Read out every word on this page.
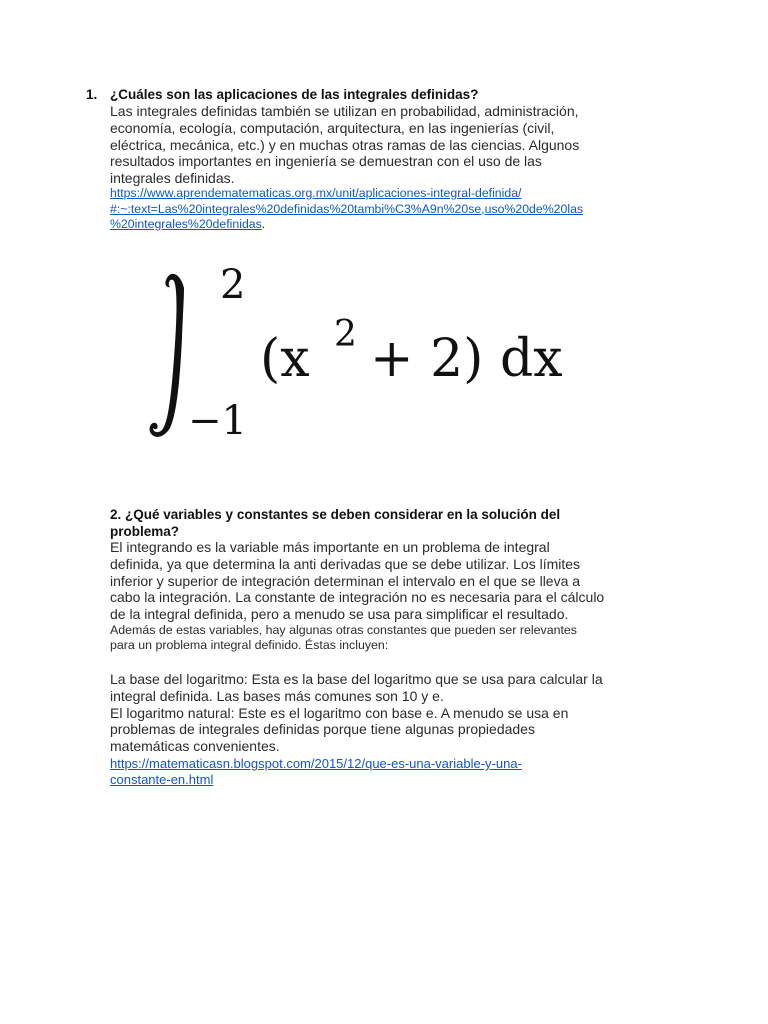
1. ¿Cuáles son las aplicaciones de las integrales definidas?
Las integrales definidas también se utilizan en probabilidad, administración,
economía, ecología, computación, arquitectura, en las ingenierías (civil,
eléctrica, mecánica, etc.) y en muchas otras ramas de las ciencias. Algunos
resultados importantes en ingeniería se demuestran con el uso de las
integrales definidas.
https://www.aprendematematicas.org.mx/unit/aplicaciones-integral-definida/
#:~:text=Las%20integrales%20definidas%20tambi%C3%A9n%20se,uso%20de%20las
%20integrales%20definidas.
2
−1
(x 2 + 2) dx
2. ¿Qué variables y constantes se deben considerar en la solución del
problema?
El integrando es la variable más importante en un problema de integral
definida, ya que determina la anti derivadas que se debe utilizar. Los límites
inferior y superior de integración determinan el intervalo en el que se lleva a
cabo la integración. La constante de integración no es necesaria para el cálculo
de la integral definida, pero a menudo se usa para simplificar el resultado.
Además de estas variables, hay algunas otras constantes que pueden ser relevantes
para un problema integral definido. Éstas incluyen:
La base del logaritmo: Esta es la base del logaritmo que se usa para calcular la
integral definida. Las bases más comunes son 10 y e.
El logaritmo natural: Este es el logaritmo con base e. A menudo se usa en
problemas de integrales definidas porque tiene algunas propiedades
matemáticas convenientes.
https://matematicasn.blogspot.com/2015/12/que-es-una-variable-y-una-
constante-en.html
